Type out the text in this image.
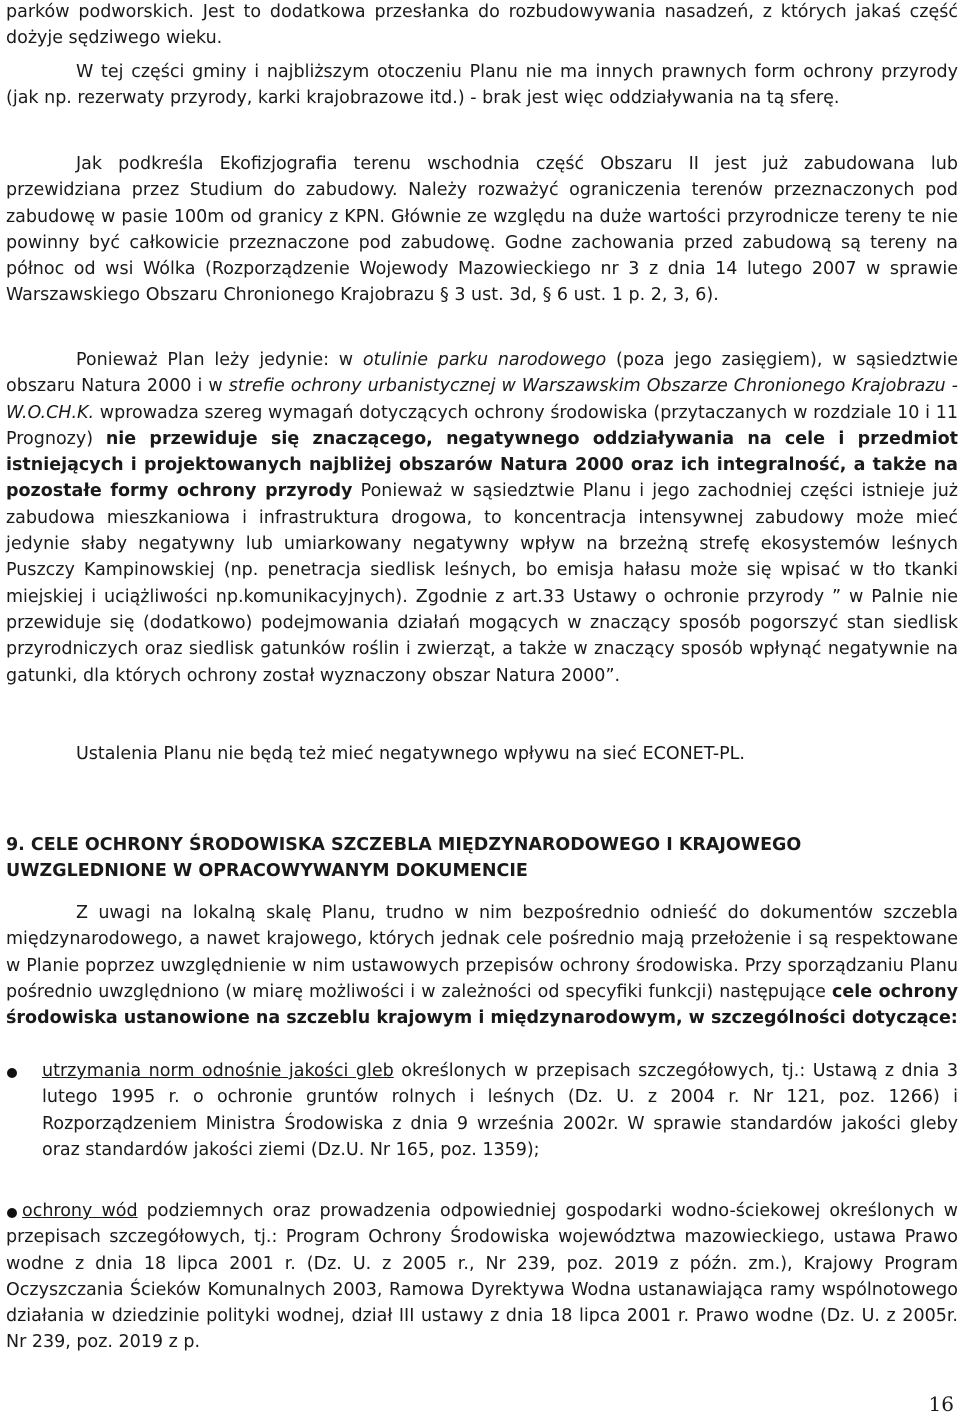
parków podworskich. Jest to dodatkowa przesłanka do rozbudowywania nasadzeń, z których jakaś część dożyje sędziwego wieku.

W tej części gminy i najbliższym otoczeniu Planu nie ma innych prawnych form ochrony przyrody (jak np. rezerwaty przyrody, karki krajobrazowe itd.) - brak jest więc oddziaływania na tą sferę.

Jak podkreśla Ekofizjografia terenu wschodnia część Obszaru II jest już zabudowana lub przewidziana przez Studium do zabudowy. Należy rozważyć ograniczenia terenów przeznaczonych pod zabudowę w pasie 100m od granicy z KPN. Głównie ze względu na duże wartości przyrodnicze tereny te nie powinny być całkowicie przeznaczone pod zabudowę. Godne zachowania przed zabudową są tereny na północ od wsi Wólka (Rozporządzenie Wojewody Mazowieckiego nr 3 z dnia 14 lutego 2007 w sprawie Warszawskiego Obszaru Chronionego Krajobrazu § 3 ust. 3d, § 6 ust. 1 p. 2, 3, 6).

Ponieważ Plan leży jedynie: w otulinie parku narodowego (poza jego zasięgiem), w sąsiedztwie obszaru Natura 2000 i w strefie ochrony urbanistycznej w Warszawskim Obszarze Chronionego Krajobrazu - W.O.CH.K. wprowadza szereg wymagań dotyczących ochrony środowiska (przytaczanych w rozdziale 10 i 11 Prognozy) nie przewiduje się znaczącego, negatywnego oddziaływania na cele i przedmiot istniejących i projektowanych najbliżej obszarów Natura 2000 oraz ich integralność, a także na pozostałe formy ochrony przyrody Ponieważ w sąsiedztwie Planu i jego zachodniej części istnieje już zabudowa mieszkaniowa i infrastruktura drogowa, to koncentracja intensywnej zabudowy może mieć jedynie słaby negatywny lub umiarkowany negatywny wpływ na brzeżną strefę ekosystemów leśnych Puszczy Kampinowskiej (np. penetracja siedlisk leśnych, bo emisja hałasu może się wpisać w tło tkanki miejskiej i uciążliwości np.komunikacyjnych). Zgodnie z art.33 Ustawy o ochronie przyrody ” w Palnie nie przewiduje się (dodatkowo) podejmowania działań mogących w znaczący sposób pogorszyć stan siedlisk przyrodniczych oraz siedlisk gatunków roślin i zwierząt, a także w znaczący sposób wpłynąć negatywnie na gatunki, dla których ochrony został wyznaczony obszar Natura 2000”.

Ustalenia Planu nie będą też mieć negatywnego wpływu na sieć ECONET-PL.

9. CELE OCHRONY ŚRODOWISKA SZCZEBLA MIĘDZYNARODOWEGO I KRAJOWEGO UWZGLEDNIONE W OPRACOWYWANYM DOKUMENCIE

Z uwagi na lokalną skalę Planu, trudno w nim bezpośrednio odnieść do dokumentów szczebla międzynarodowego, a nawet krajowego, których jednak cele pośrednio mają przełożenie i są respektowane w Planie poprzez uwzględnienie w nim ustawowych przepisów ochrony środowiska. Przy sporządzaniu Planu pośrednio uwzględniono (w miarę możliwości i w zależności od specyfiki funkcji) następujące cele ochrony środowiska ustanowione na szczeblu krajowym i międzynarodowym, w szczególności dotyczące:

utrzymania norm odnośnie jakości gleb określonych w przepisach szczegółowych, tj.: Ustawą z dnia 3 lutego 1995 r. o ochronie gruntów rolnych i leśnych (Dz. U. z 2004 r. Nr 121, poz. 1266) i Rozporządzeniem Ministra Środowiska z dnia 9 września 2002r. W sprawie standardów jakości gleby oraz standardów jakości ziemi (Dz.U. Nr 165, poz. 1359);

ochrony wód podziemnych oraz prowadzenia odpowiedniej gospodarki wodno-ściekowej określonych w przepisach szczegółowych, tj.: Program Ochrony Środowiska województwa mazowieckiego, ustawa Prawo wodne z dnia 18 lipca 2001 r. (Dz. U. z 2005 r., Nr 239, poz. 2019 z późn. zm.), Krajowy Program Oczyszczania Ścieków Komunalnych 2003, Ramowa Dyrektywa Wodna ustanawiająca ramy wspólnotowego działania w dziedzinie polityki wodnej, dział III ustawy z dnia 18 lipca 2001 r. Prawo wodne (Dz. U. z 2005r. Nr 239, poz. 2019 z p.

16
